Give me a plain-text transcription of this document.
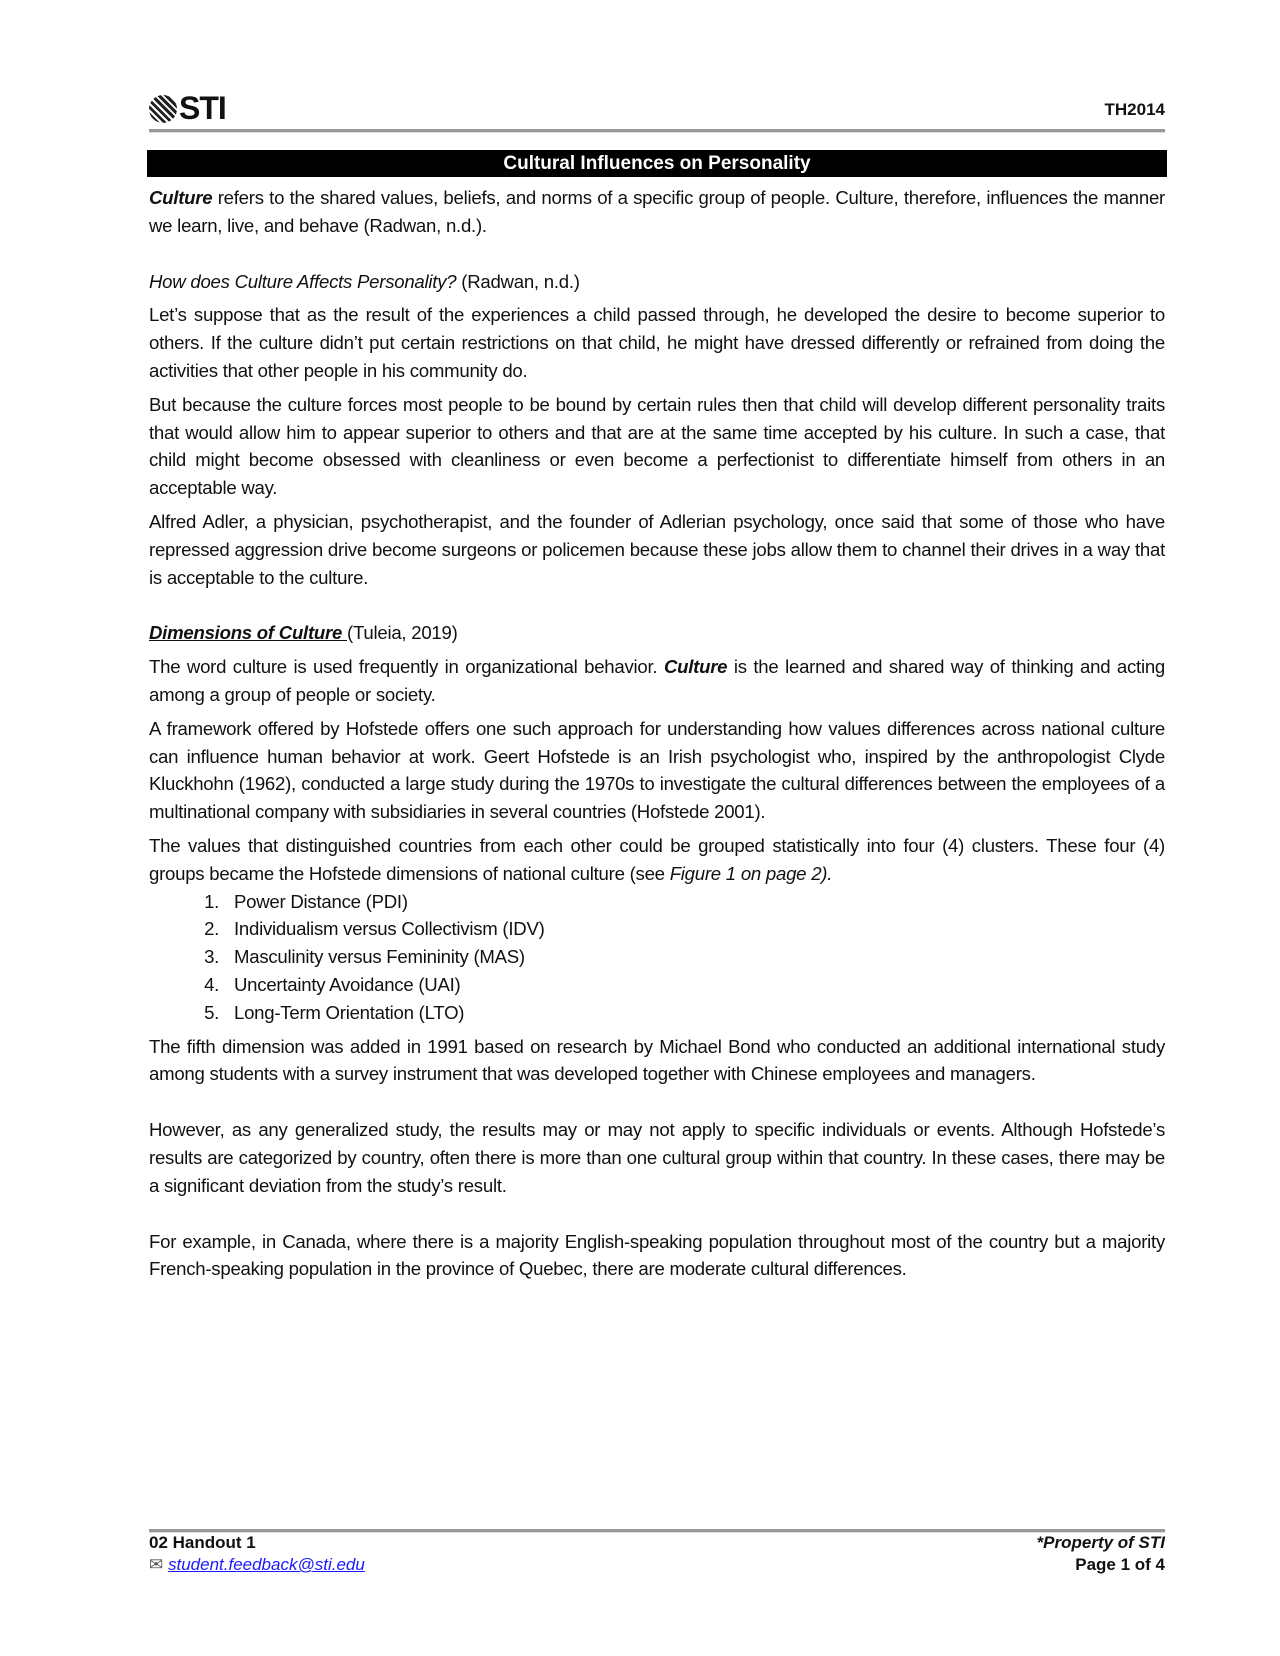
STI	TH2014
Cultural Influences on Personality

Culture refers to the shared values, beliefs, and norms of a specific group of people. Culture, therefore, influences the manner we learn, live, and behave (Radwan, n.d.).

How does Culture Affects Personality? (Radwan, n.d.)

Let’s suppose that as the result of the experiences a child passed through, he developed the desire to become superior to others. If the culture didn’t put certain restrictions on that child, he might have dressed differently or refrained from doing the activities that other people in his community do.

But because the culture forces most people to be bound by certain rules then that child will develop different personality traits that would allow him to appear superior to others and that are at the same time accepted by his culture. In such a case, that child might become obsessed with cleanliness or even become a perfectionist to differentiate himself from others in an acceptable way.

Alfred Adler, a physician, psychotherapist, and the founder of Adlerian psychology, once said that some of those who have repressed aggression drive become surgeons or policemen because these jobs allow them to channel their drives in a way that is acceptable to the culture.

Dimensions of Culture (Tuleia, 2019)

The word culture is used frequently in organizational behavior. Culture is the learned and shared way of thinking and acting among a group of people or society.

A framework offered by Hofstede offers one such approach for understanding how values differences across national culture can influence human behavior at work. Geert Hofstede is an Irish psychologist who, inspired by the anthropologist Clyde Kluckhohn (1962), conducted a large study during the 1970s to investigate the cultural differences between the employees of a multinational company with subsidiaries in several countries (Hofstede 2001).

The values that distinguished countries from each other could be grouped statistically into four (4) clusters. These four (4) groups became the Hofstede dimensions of national culture (see Figure 1 on page 2).

1. Power Distance (PDI)
2. Individualism versus Collectivism (IDV)
3. Masculinity versus Femininity (MAS)
4. Uncertainty Avoidance (UAI)
5. Long-Term Orientation (LTO)

The fifth dimension was added in 1991 based on research by Michael Bond who conducted an additional international study among students with a survey instrument that was developed together with Chinese employees and managers.

However, as any generalized study, the results may or may not apply to specific individuals or events. Although Hofstede’s results are categorized by country, often there is more than one cultural group within that country. In these cases, there may be a significant deviation from the study’s result.

For example, in Canada, where there is a majority English-speaking population throughout most of the country but a majority French-speaking population in the province of Quebec, there are moderate cultural differences.

02 Handout 1
✉ student.feedback@sti.edu
*Property of STI
Page 1 of 4
